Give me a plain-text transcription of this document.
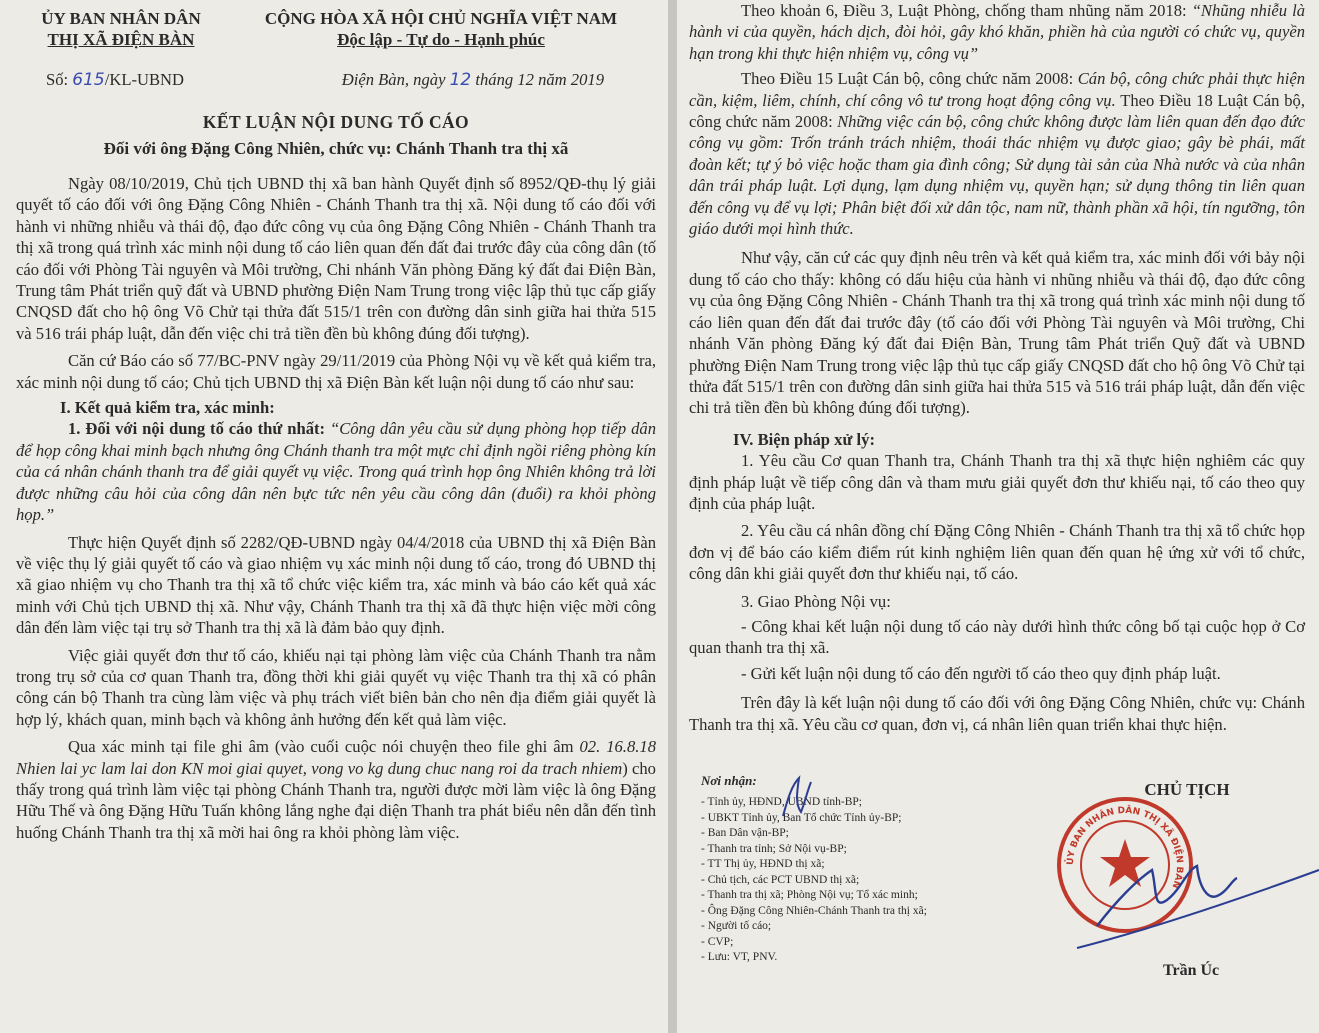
ỦY BAN NHÂN DÂN
THỊ XÃ ĐIỆN BÀN
CỘNG HÒA XÃ HỘI CHỦ NGHĨA VIỆT NAM
Độc lập - Tự do - Hạnh phúc
Số: 615/KL-UBND	Điện Bàn, ngày 12 tháng 12 năm 2019
KẾT LUẬN NỘI DUNG TỐ CÁO
Đối với ông Đặng Công Nhiên, chức vụ: Chánh Thanh tra thị xã

Ngày 08/10/2019, Chủ tịch UBND thị xã ban hành Quyết định số 8952/QĐ-thụ lý giải quyết tố cáo đối với ông Đặng Công Nhiên - Chánh Thanh tra thị xã. Nội dung tố cáo đối với hành vi những nhiễu và thái độ, đạo đức công vụ của ông Đặng Công Nhiên - Chánh Thanh tra thị xã trong quá trình xác minh nội dung tố cáo liên quan đến đất đai trước đây của công dân (tố cáo đối với Phòng Tài nguyên và Môi trường, Chi nhánh Văn phòng Đăng ký đất đai Điện Bàn, Trung tâm Phát triển quỹ đất và UBND phường Điện Nam Trung trong việc lập thủ tục cấp giấy CNQSD đất cho hộ ông Võ Chử tại thửa đất 515/1 trên con đường dân sinh giữa hai thửa 515 và 516 trái pháp luật, dẫn đến việc chi trả tiền đền bù không đúng đối tượng).

Căn cứ Báo cáo số 77/BC-PNV ngày 29/11/2019 của Phòng Nội vụ về kết quả kiểm tra, xác minh nội dung tố cáo; Chủ tịch UBND thị xã Điện Bàn kết luận nội dung tố cáo như sau:

I. Kết quả kiểm tra, xác minh:

1. Đối với nội dung tố cáo thứ nhất: “Công dân yêu cầu sử dụng phòng họp tiếp dân để họp công khai minh bạch nhưng ông Chánh thanh tra một mực chỉ định ngồi riêng phòng kín của cá nhân chánh thanh tra để giải quyết vụ việc. Trong quá trình họp ông Nhiên không trả lời được những câu hỏi của công dân nên bực tức nên yêu cầu công dân (đuổi) ra khỏi phòng họp.”

Thực hiện Quyết định số 2282/QĐ-UBND ngày 04/4/2018 của UBND thị xã Điện Bàn về việc thụ lý giải quyết tố cáo và giao nhiệm vụ xác minh nội dung tố cáo, trong đó UBND thị xã giao nhiệm vụ cho Thanh tra thị xã tổ chức việc kiểm tra, xác minh và báo cáo kết quả xác minh với Chủ tịch UBND thị xã. Như vậy, Chánh Thanh tra thị xã đã thực hiện việc mời công dân đến làm việc tại trụ sở Thanh tra thị xã là đảm bảo quy định.

Việc giải quyết đơn thư tố cáo, khiếu nại tại phòng làm việc của Chánh Thanh tra nằm trong trụ sở của cơ quan Thanh tra, đồng thời khi giải quyết vụ việc Thanh tra thị xã có phân công cán bộ Thanh tra cùng làm việc và phụ trách viết biên bản cho nên địa điểm giải quyết là hợp lý, khách quan, minh bạch và không ảnh hưởng đến kết quả làm việc.

Qua xác minh tại file ghi âm (vào cuối cuộc nói chuyện theo file ghi âm 02. 16.8.18 Nhien lai yc lam lai don KN moi giai quyet, vong vo kg dung chuc nang roi da trach nhiem) cho thấy trong quá trình làm việc tại phòng Chánh Thanh tra, người được mời làm việc là ông Đặng Hữu Thế và ông Đặng Hữu Tuấn không lắng nghe đại diện Thanh tra phát biểu nên dẫn đến tình huống Chánh Thanh tra thị xã mời hai ông ra khỏi phòng làm việc.

Theo khoản 6, Điều 3, Luật Phòng, chống tham nhũng năm 2018: “Nhũng nhiễu là hành vi của quyền, hách dịch, đòi hỏi, gây khó khăn, phiền hà của người có chức vụ, quyền hạn trong khi thực hiện nhiệm vụ, công vụ”

Theo Điều 15 Luật Cán bộ, công chức năm 2008: Cán bộ, công chức phải thực hiện cần, kiệm, liêm, chính, chí công vô tư trong hoạt động công vụ. Theo Điều 18 Luật Cán bộ, công chức năm 2008: Những việc cán bộ, công chức không được làm liên quan đến đạo đức công vụ gồm: Trốn tránh trách nhiệm, thoái thác nhiệm vụ được giao; gây bè phái, mất đoàn kết; tự ý bỏ việc hoặc tham gia đình công; Sử dụng tài sản của Nhà nước và của nhân dân trái pháp luật. Lợi dụng, lạm dụng nhiệm vụ, quyền hạn; sử dụng thông tin liên quan đến công vụ để vụ lợi; Phân biệt đối xử dân tộc, nam nữ, thành phần xã hội, tín ngưỡng, tôn giáo dưới mọi hình thức.

Như vậy, căn cứ các quy định nêu trên và kết quả kiểm tra, xác minh đối với bảy nội dung tố cáo cho thấy: không có dấu hiệu của hành vi nhũng nhiễu và thái độ, đạo đức công vụ của ông Đặng Công Nhiên - Chánh Thanh tra thị xã trong quá trình xác minh nội dung tố cáo liên quan đến đất đai trước đây (tố cáo đối với Phòng Tài nguyên và Môi trường, Chi nhánh Văn phòng Đăng ký đất đai Điện Bàn, Trung tâm Phát triển Quỹ đất và UBND phường Điện Nam Trung trong việc lập thủ tục cấp giấy CNQSD đất cho hộ ông Võ Chử tại thửa đất 515/1 trên con đường dân sinh giữa hai thửa 515 và 516 trái pháp luật, dẫn đến việc chi trả tiền đền bù không đúng đối tượng).

IV. Biện pháp xử lý:

1. Yêu cầu Cơ quan Thanh tra, Chánh Thanh tra thị xã thực hiện nghiêm các quy định pháp luật về tiếp công dân và tham mưu giải quyết đơn thư khiếu nại, tố cáo theo quy định của pháp luật.

2. Yêu cầu cá nhân đồng chí Đặng Công Nhiên - Chánh Thanh tra thị xã tổ chức họp đơn vị để báo cáo kiểm điểm rút kinh nghiệm liên quan đến quan hệ ứng xử với tổ chức, công dân khi giải quyết đơn thư khiếu nại, tố cáo.

3. Giao Phòng Nội vụ:

- Công khai kết luận nội dung tố cáo này dưới hình thức công bố tại cuộc họp ở Cơ quan thanh tra thị xã.

- Gửi kết luận nội dung tố cáo đến người tố cáo theo quy định pháp luật.

Trên đây là kết luận nội dung tố cáo đối với ông Đặng Công Nhiên, chức vụ: Chánh Thanh tra thị xã. Yêu cầu cơ quan, đơn vị, cá nhân liên quan triển khai thực hiện.

Nơi nhận:
- Tỉnh ủy, HĐND, UBND tỉnh-BP;
- UBKT Tỉnh ủy, Ban Tổ chức Tỉnh ủy-BP;
- Ban Dân vận-BP;
- Thanh tra tỉnh; Sở Nội vụ-BP;
- TT Thị ủy, HĐND thị xã;
- Chủ tịch, các PCT UBND thị xã;
- Thanh tra thị xã; Phòng Nội vụ; Tổ xác minh;
- Ông Đặng Công Nhiên-Chánh Thanh tra thị xã;
- Người tố cáo;
- CVP;
- Lưu: VT, PNV.
CHỦ TỊCH
ỦY BAN NHÂN DÂN THỊ XÃ ĐIỆN BÀN
Trần Úc
